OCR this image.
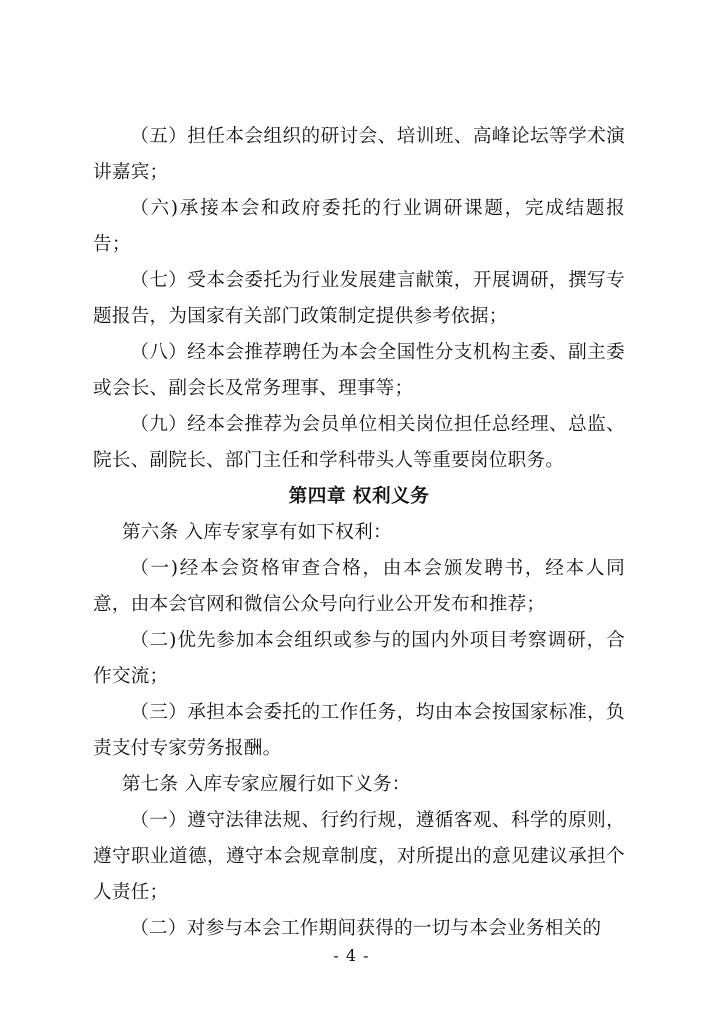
（五）担任本会组织的研讨会、培训班、高峰论坛等学术演讲嘉宾；

（六)承接本会和政府委托的行业调研课题，完成结题报告；

（七）受本会委托为行业发展建言献策，开展调研，撰写专题报告，为国家有关部门政策制定提供参考依据；

（八）经本会推荐聘任为本会全国性分支机构主委、副主委或会长、副会长及常务理事、理事等；

（九）经本会推荐为会员单位相关岗位担任总经理、总监、院长、副院长、部门主任和学科带头人等重要岗位职务。

第四章 权利义务

第六条 入库专家享有如下权利：

（一)经本会资格审查合格，由本会颁发聘书，经本人同意，由本会官网和微信公众号向行业公开发布和推荐；

（二)优先参加本会组织或参与的国内外项目考察调研，合作交流；

（三）承担本会委托的工作任务，均由本会按国家标准，负责支付专家劳务报酬。

第七条 入库专家应履行如下义务：

（一）遵守法律法规、行约行规，遵循客观、科学的原则，遵守职业道德，遵守本会规章制度，对所提出的意见建议承担个人责任；

（二）对参与本会工作期间获得的一切与本会业务相关的

- 4 -
